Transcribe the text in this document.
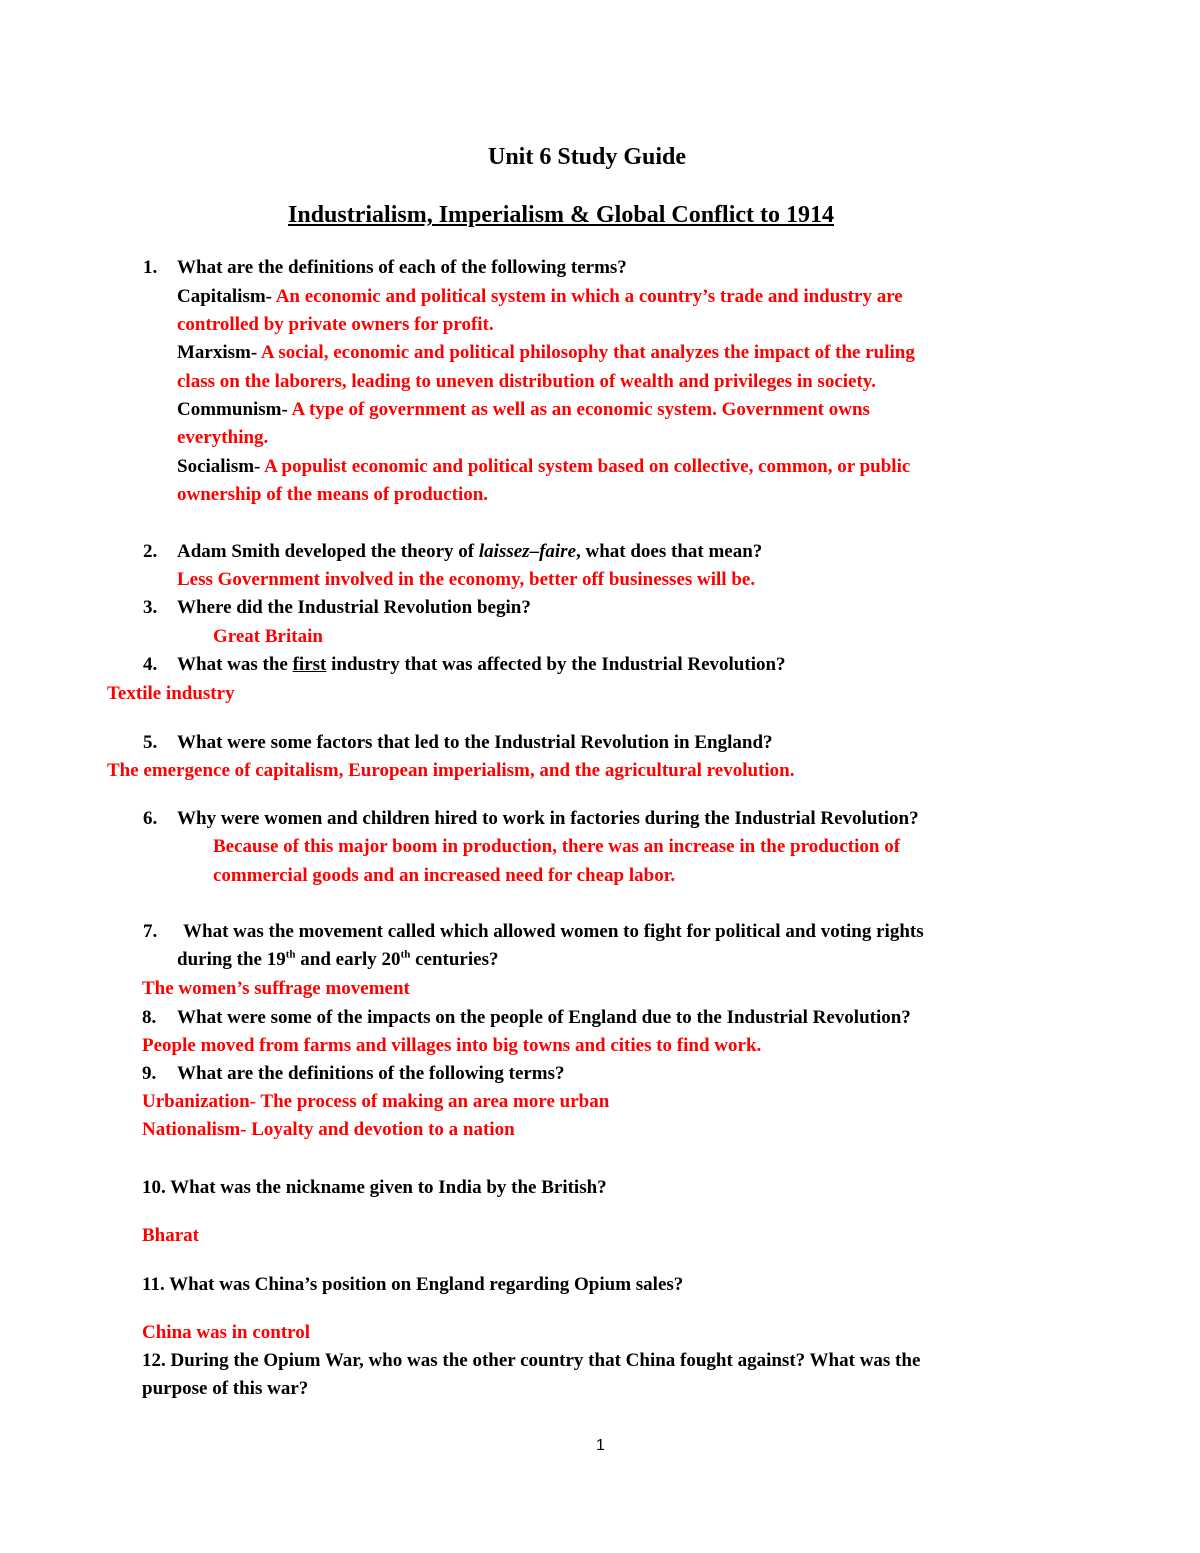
Unit 6 Study Guide
Industrialism, Imperialism & Global Conflict to 1914
1. What are the definitions of each of the following terms?
Capitalism- An economic and political system in which a country’s trade and industry are
controlled by private owners for profit.
Marxism- A social, economic and political philosophy that analyzes the impact of the ruling
class on the laborers, leading to uneven distribution of wealth and privileges in society.
Communism- A type of government as well as an economic system. Government owns
everything.
Socialism- A populist economic and political system based on collective, common, or public
ownership of the means of production.
2. Adam Smith developed the theory of laissez–faire, what does that mean?
Less Government involved in the economy, better off businesses will be.
3. Where did the Industrial Revolution begin?
Great Britain
4. What was the first industry that was affected by the Industrial Revolution?
Textile industry
5. What were some factors that led to the Industrial Revolution in England?
The emergence of capitalism, European imperialism, and the agricultural revolution.
6. Why were women and children hired to work in factories during the Industrial Revolution?
Because of this major boom in production, there was an increase in the production of
commercial goods and an increased need for cheap labor.
7. What was the movement called which allowed women to fight for political and voting rights
during the 19th and early 20th centuries?
The women’s suffrage movement
8. What were some of the impacts on the people of England due to the Industrial Revolution?
People moved from farms and villages into big towns and cities to find work.
9. What are the definitions of the following terms?
Urbanization- The process of making an area more urban
Nationalism- Loyalty and devotion to a nation
10. What was the nickname given to India by the British?
Bharat
11. What was China’s position on England regarding Opium sales?
China was in control
12. During the Opium War, who was the other country that China fought against? What was the
purpose of this war?
1
